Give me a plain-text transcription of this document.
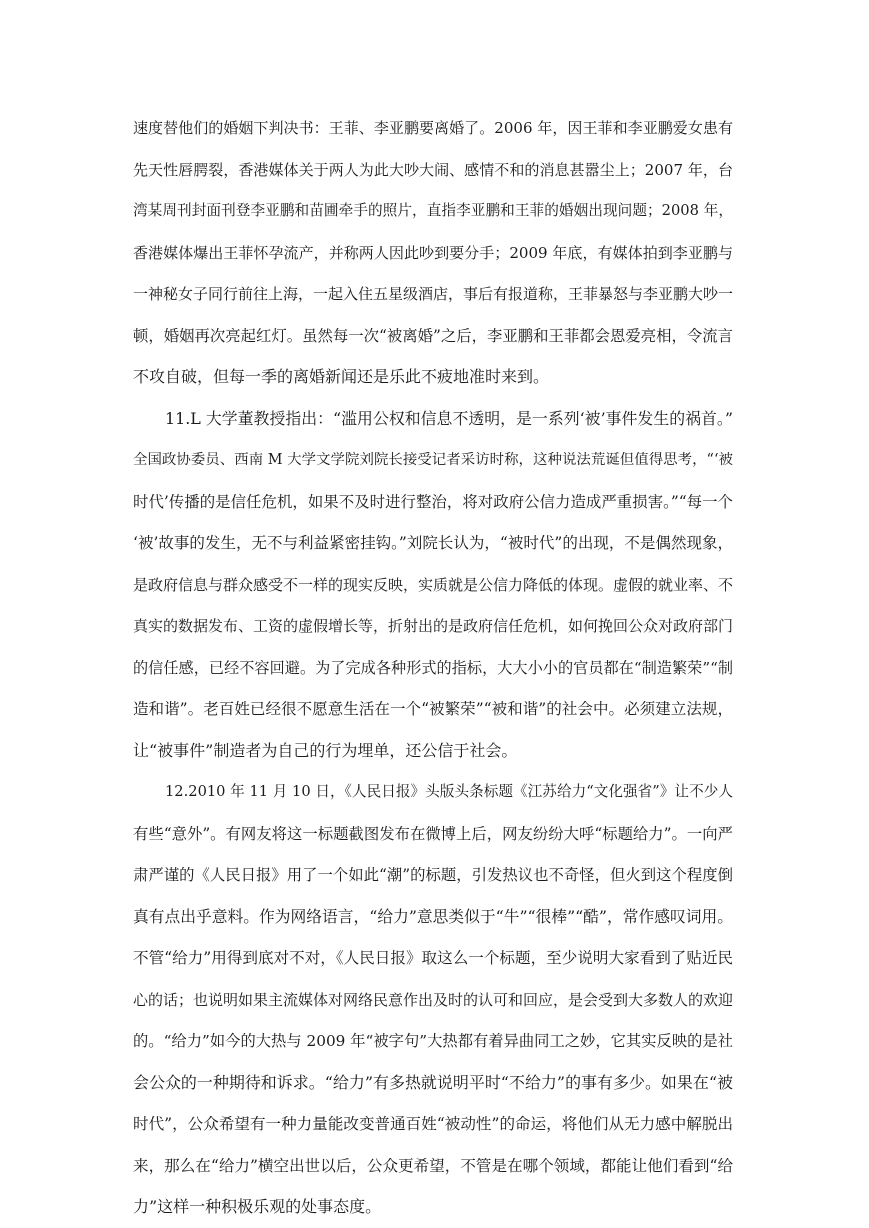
速度替他们的婚姻下判决书：王菲、李亚鹏要离婚了。2006 年，因王菲和李亚鹏爱女患有
先天性唇腭裂，香港媒体关于两人为此大吵大闹、感情不和的消息甚嚣尘上；2007 年，台
湾某周刊封面刊登李亚鹏和苗圃牵手的照片，直指李亚鹏和王菲的婚姻出现问题；2008 年，
香港媒体爆出王菲怀孕流产，并称两人因此吵到要分手；2009 年底，有媒体拍到李亚鹏与
一神秘女子同行前往上海，一起入住五星级酒店，事后有报道称，王菲暴怒与李亚鹏大吵一
顿，婚姻再次亮起红灯。虽然每一次“被离婚”之后，李亚鹏和王菲都会恩爱亮相，令流言
不攻自破，但每一季的离婚新闻还是乐此不疲地准时来到。
11.L 大学董教授指出：“滥用公权和信息不透明，是一系列‘被’事件发生的祸首。”
全国政协委员、西南 M 大学文学院刘院长接受记者采访时称，这种说法荒诞但值得思考，“‘被
时代’传播的是信任危机，如果不及时进行整治，将对政府公信力造成严重损害。”“每一个
‘被’故事的发生，无不与利益紧密挂钩。”刘院长认为，“被时代”的出现，不是偶然现象，
是政府信息与群众感受不一样的现实反映，实质就是公信力降低的体现。虚假的就业率、不
真实的数据发布、工资的虚假增长等，折射出的是政府信任危机，如何挽回公众对政府部门
的信任感，已经不容回避。为了完成各种形式的指标，大大小小的官员都在“制造繁荣”“制
造和谐”。老百姓已经很不愿意生活在一个“被繁荣”“被和谐”的社会中。必须建立法规，
让“被事件”制造者为自己的行为埋单，还公信于社会。
12.2010 年 11 月 10 日，《人民日报》头版头条标题《江苏给力“文化强省”》让不少人
有些“意外”。有网友将这一标题截图发布在微博上后，网友纷纷大呼“标题给力”。一向严
肃严谨的《人民日报》用了一个如此“潮”的标题，引发热议也不奇怪，但火到这个程度倒
真有点出乎意料。作为网络语言，“给力”意思类似于“牛”“很棒”“酷”，常作感叹词用。
不管“给力”用得到底对不对，《人民日报》取这么一个标题，至少说明大家看到了贴近民
心的话；也说明如果主流媒体对网络民意作出及时的认可和回应，是会受到大多数人的欢迎
的。“给力”如今的大热与 2009 年“被字句”大热都有着异曲同工之妙，它其实反映的是社
会公众的一种期待和诉求。“给力”有多热就说明平时“不给力”的事有多少。如果在“被
时代”，公众希望有一种力量能改变普通百姓“被动性”的命运，将他们从无力感中解脱出
来，那么在“给力”横空出世以后，公众更希望，不管是在哪个领域，都能让他们看到“给
力”这样一种积极乐观的处事态度。
